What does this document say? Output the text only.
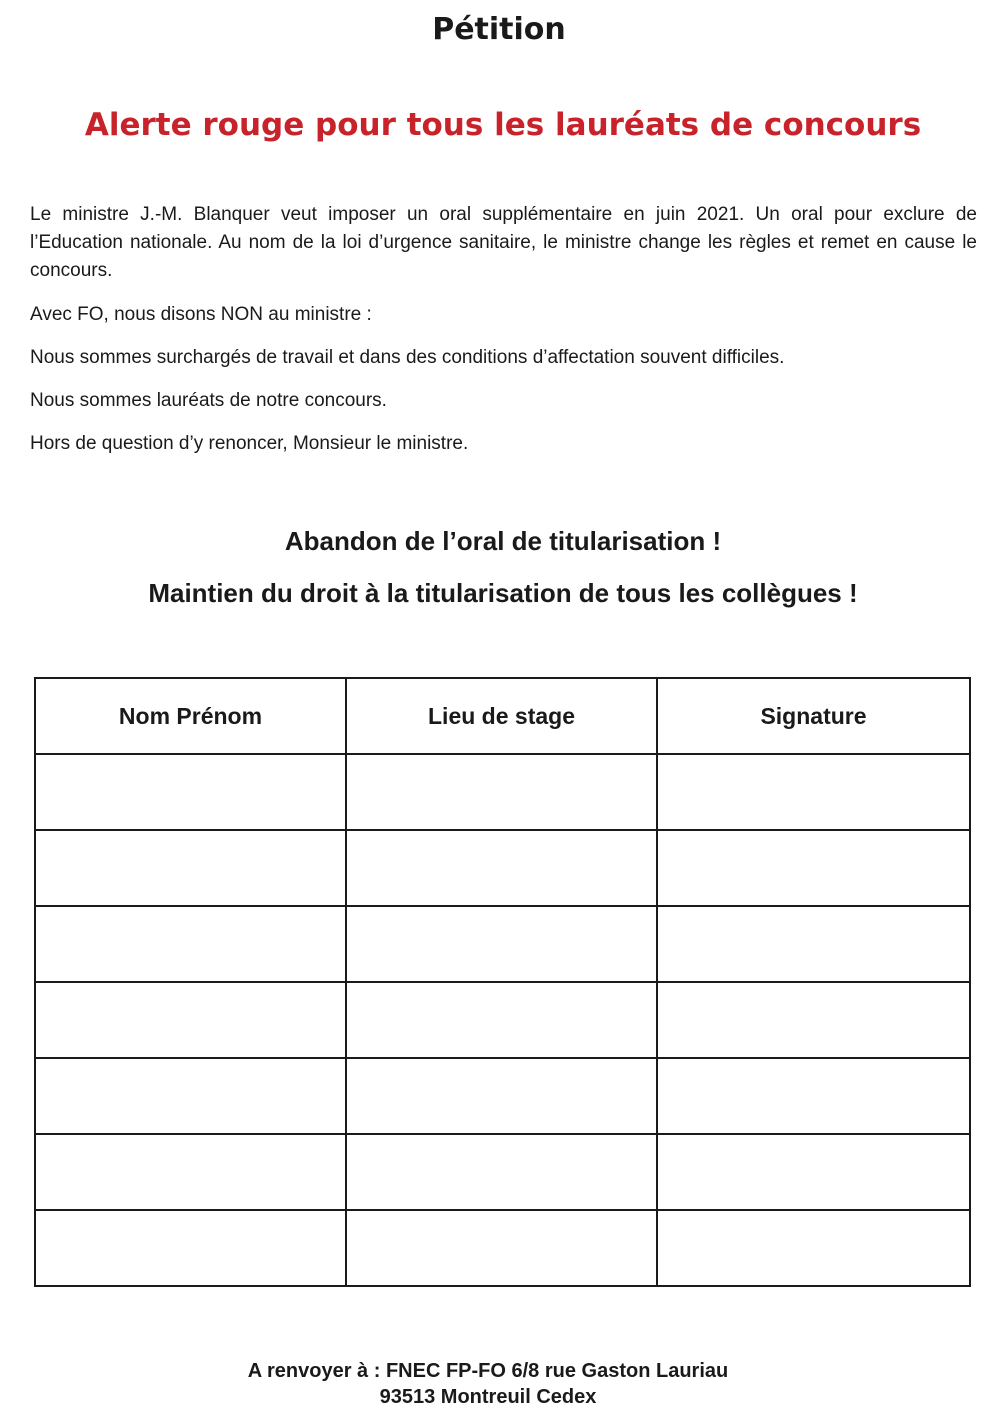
Pétition
Alerte rouge pour tous les lauréats de concours

Le ministre J.-M. Blanquer veut imposer un oral supplémentaire en juin 2021. Un oral pour exclure de l’Education nationale. Au nom de la loi d’urgence sanitaire, le ministre change les règles et remet en cause le concours.

Avec FO, nous disons NON au ministre :

Nous sommes surchargés de travail et dans des conditions d’affectation souvent difficiles.

Nous sommes lauréats de notre concours.

Hors de question d’y renoncer, Monsieur le ministre.

Abandon de l’oral de titularisation !
Maintien du droit à la titularisation de tous les collègues !
Nom Prénom	Lieu de stage	Signature

A renvoyer à : FNEC FP-FO 6/8 rue Gaston Lauriau
93513 Montreuil Cedex
